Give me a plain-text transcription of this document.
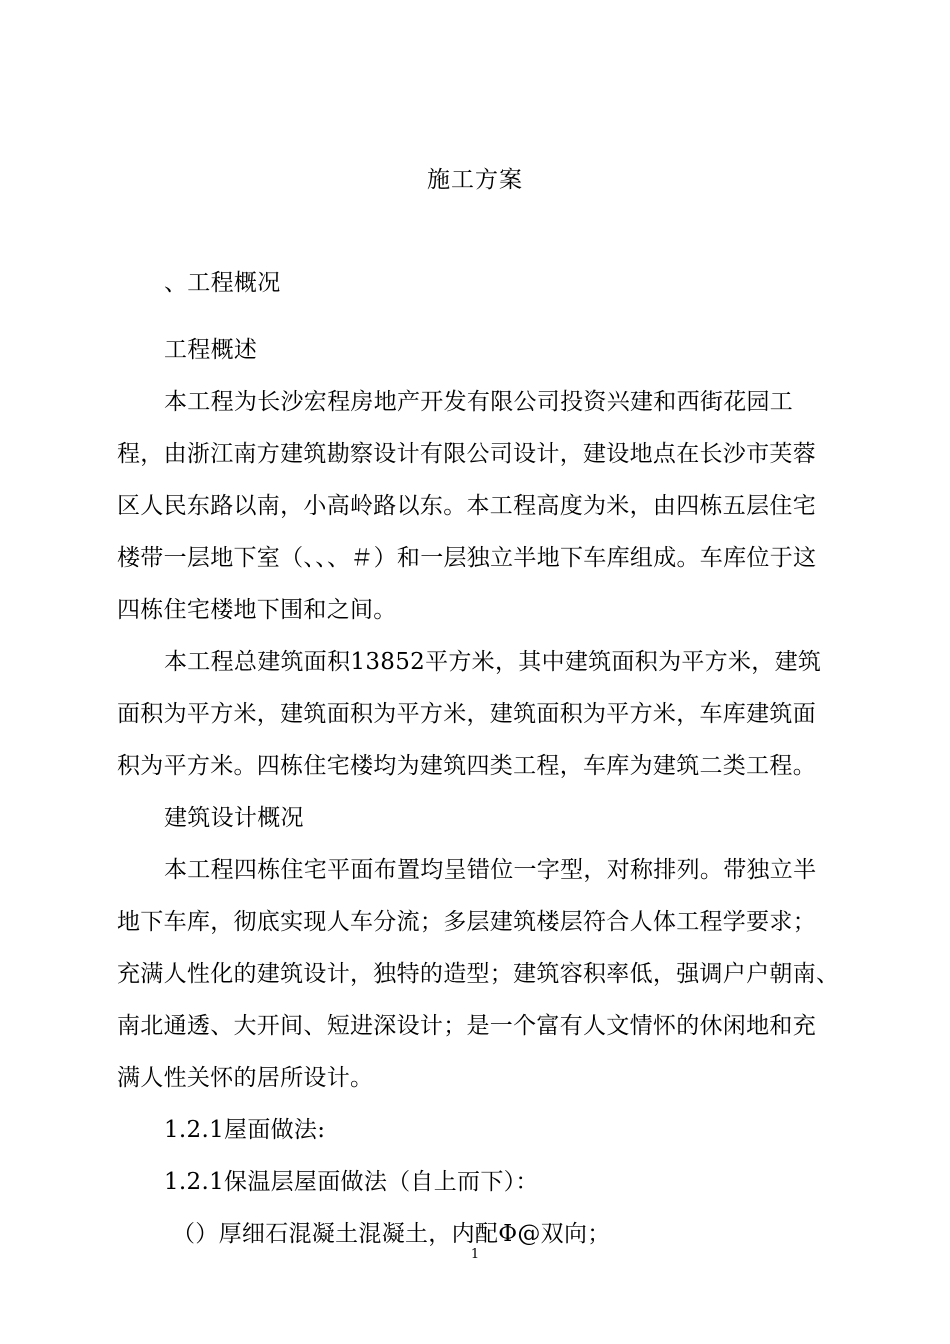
施工方案
、工程概况
工程概述
本工程为长沙宏程房地产开发有限公司投资兴建和西街花园工
程，由浙江南方建筑勘察设计有限公司设计，建设地点在长沙市芙蓉
区人民东路以南，小高岭路以东。本工程高度为米，由四栋五层住宅
楼带一层地下室（、、、＃）和一层独立半地下车库组成。车库位于这
四栋住宅楼地下围和之间。
本工程总建筑面积13852平方米，其中建筑面积为平方米，建筑
面积为平方米，建筑面积为平方米，建筑面积为平方米，车库建筑面
积为平方米。四栋住宅楼均为建筑四类工程，车库为建筑二类工程。
建筑设计概况
本工程四栋住宅平面布置均呈错位一字型，对称排列。带独立半
地下车库，彻底实现人车分流；多层建筑楼层符合人体工程学要求；
充满人性化的建筑设计，独特的造型；建筑容积率低，强调户户朝南、
南北通透、大开间、短进深设计；是一个富有人文情怀的休闲地和充
满人性关怀的居所设计。
1.2.1屋面做法:
1.2.1保温层屋面做法（自上而下）：
（）厚细石混凝土混凝土，内配Φ@双向；
1
